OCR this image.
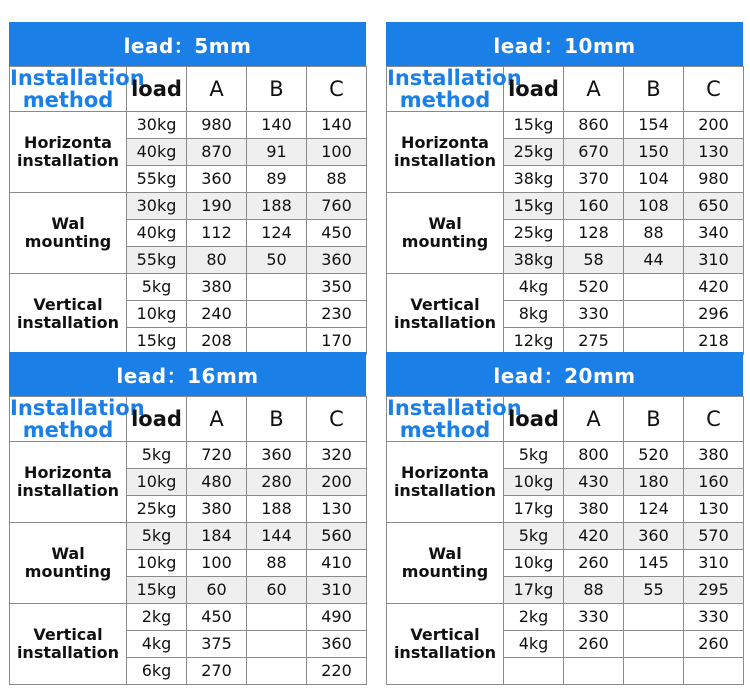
lead：5mm
Installation method	load	A	B	C
Horizonta installation	30kg	980	140	140
	40kg	870	91	100
	55kg	360	89	88
Wal mounting	30kg	190	188	760
	40kg	112	124	450
	55kg	80	50	360
Vertical installation	5kg	380		350
	10kg	240		230
	15kg	208		170
lead：10mm
Installation method	load	A	B	C
Horizonta installation	15kg	860	154	200
	25kg	670	150	130
	38kg	370	104	980
Wal mounting	15kg	160	108	650
	25kg	128	88	340
	38kg	58	44	310
Vertical installation	4kg	520		420
	8kg	330		296
	12kg	275		218
lead：16mm
Installation method	load	A	B	C
Horizonta installation	5kg	720	360	320
	10kg	480	280	200
	25kg	380	188	130
Wal mounting	5kg	184	144	560
	10kg	100	88	410
	15kg	60	60	310
Vertical installation	2kg	450		490
	4kg	375		360
	6kg	270		220
lead：20mm
Installation method	load	A	B	C
Horizonta installation	5kg	800	520	380
	10kg	430	180	160
	17kg	380	124	130
Wal mounting	5kg	420	360	570
	10kg	260	145	310
	17kg	88	55	295
Vertical installation	2kg	330		330
	4kg	260		260
